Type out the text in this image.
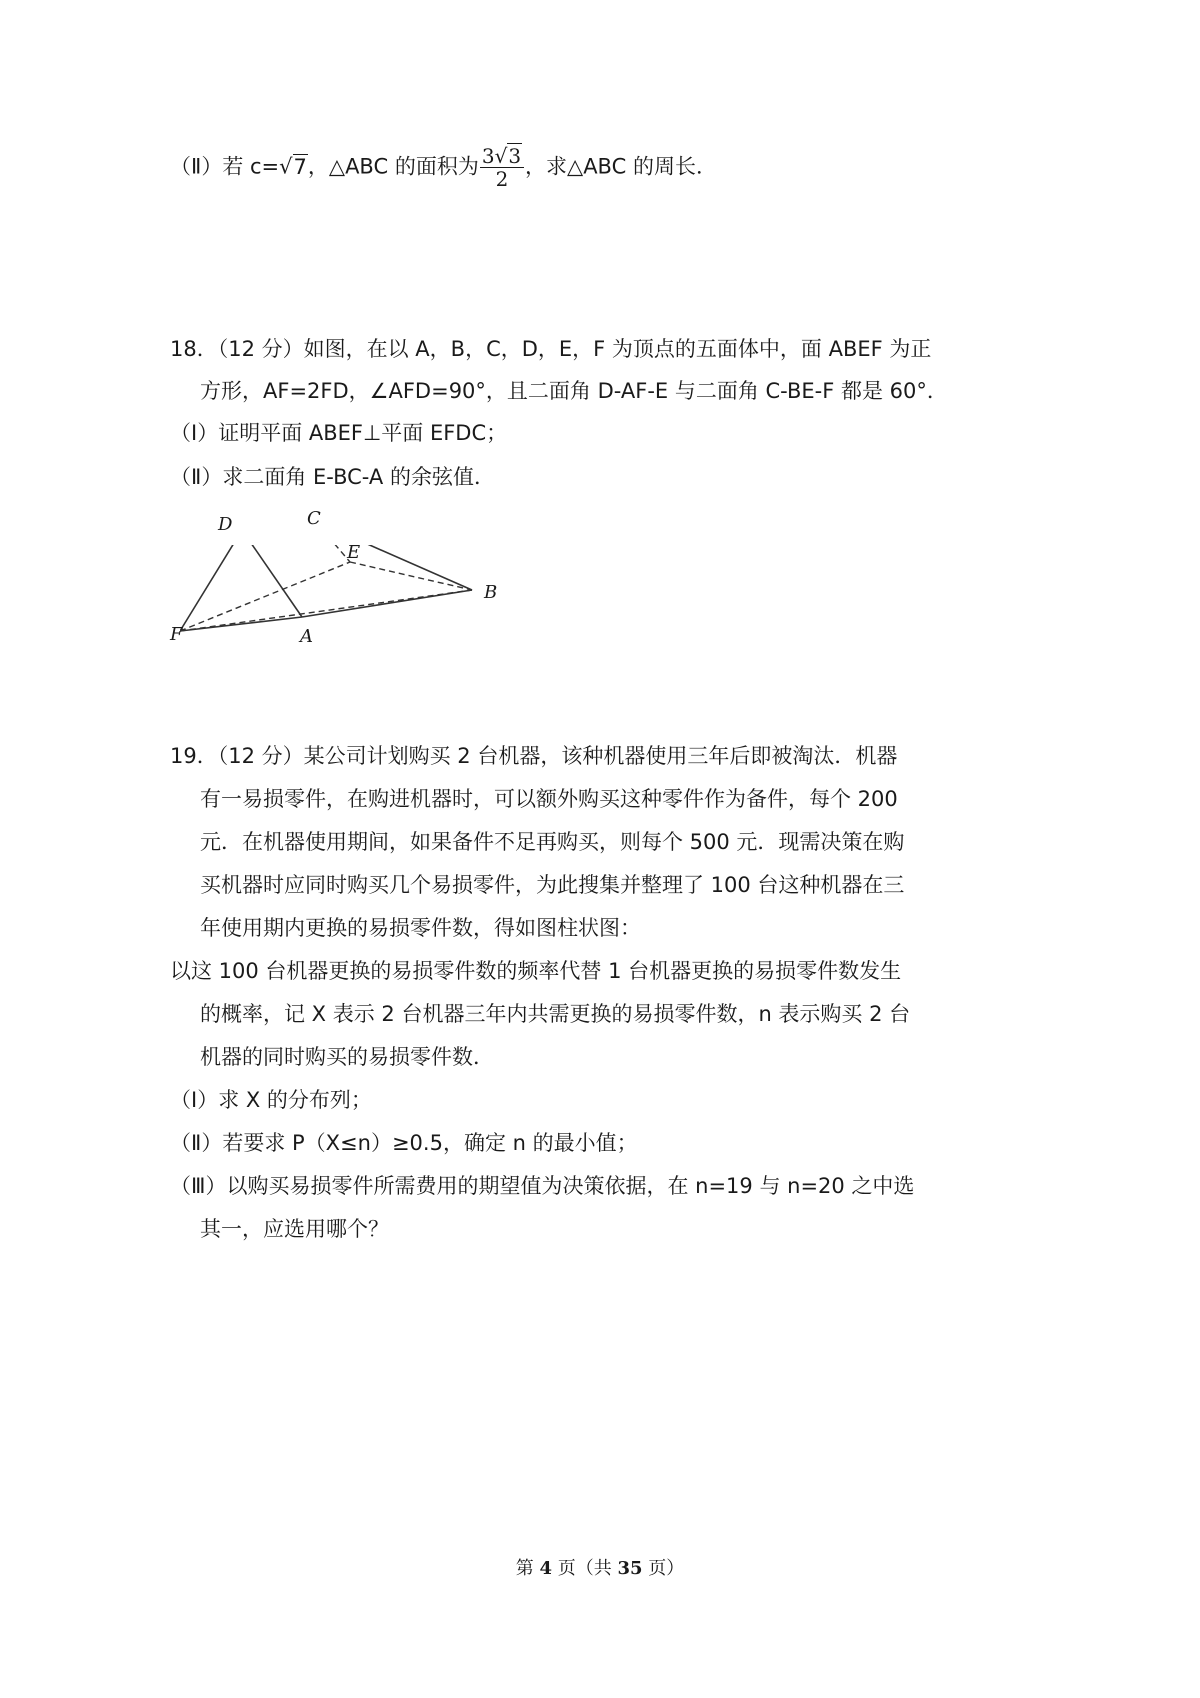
（Ⅱ）若 c=√7，△ABC 的面积为 $\frac{3√3}{2}$ ，求△ABC 的周长．
18．（12 分）如图，在以 A，B，C，D，E，F 为顶点的五面体中，面 ABEF 为正
方形，AF=2FD，∠AFD=90°，且二面角 D﻿-AF-E 与二面角 C-BE-F 都是 60°．
（Ⅰ）证明平面 ABEF⊥平面 EFDC；
（Ⅱ）求二面角 E-BC-A 的余弦值．
D	C
E
B
F	A
19．（12 分）某公司计划购买 2 台机器，该种机器使用三年后即被淘汰．机器
有一易损零件，在购进机器时，可以额外购买这种零件作为备件，每个 200
元．在机器使用期间，如果备件不足再购买，则每个 500 元．现需决策在购
买机器时应同时购买几个易损零件，为此搜集并整理了 100 台这种机器在三
年使用期内更换的易损零件数，得如图柱状图：
以这 100 台机器更换的易损零件数的频率代替 1 台机器更换的易损零件数发生
的概率，记 X 表示 2 台机器三年内共需更换的易损零件数，n 表示购买 2 台
机器的同时购买的易损零件数．
（Ⅰ）求 X 的分布列；
（Ⅱ）若要求 P（X≤n）≥0.5，确定 n 的最小值；
（Ⅲ）以购买易损零件所需费用的期望值为决策依据，在 n=19 与 n=20 之中选
其一，应选用哪个？
第 4 页（共 35 页）
